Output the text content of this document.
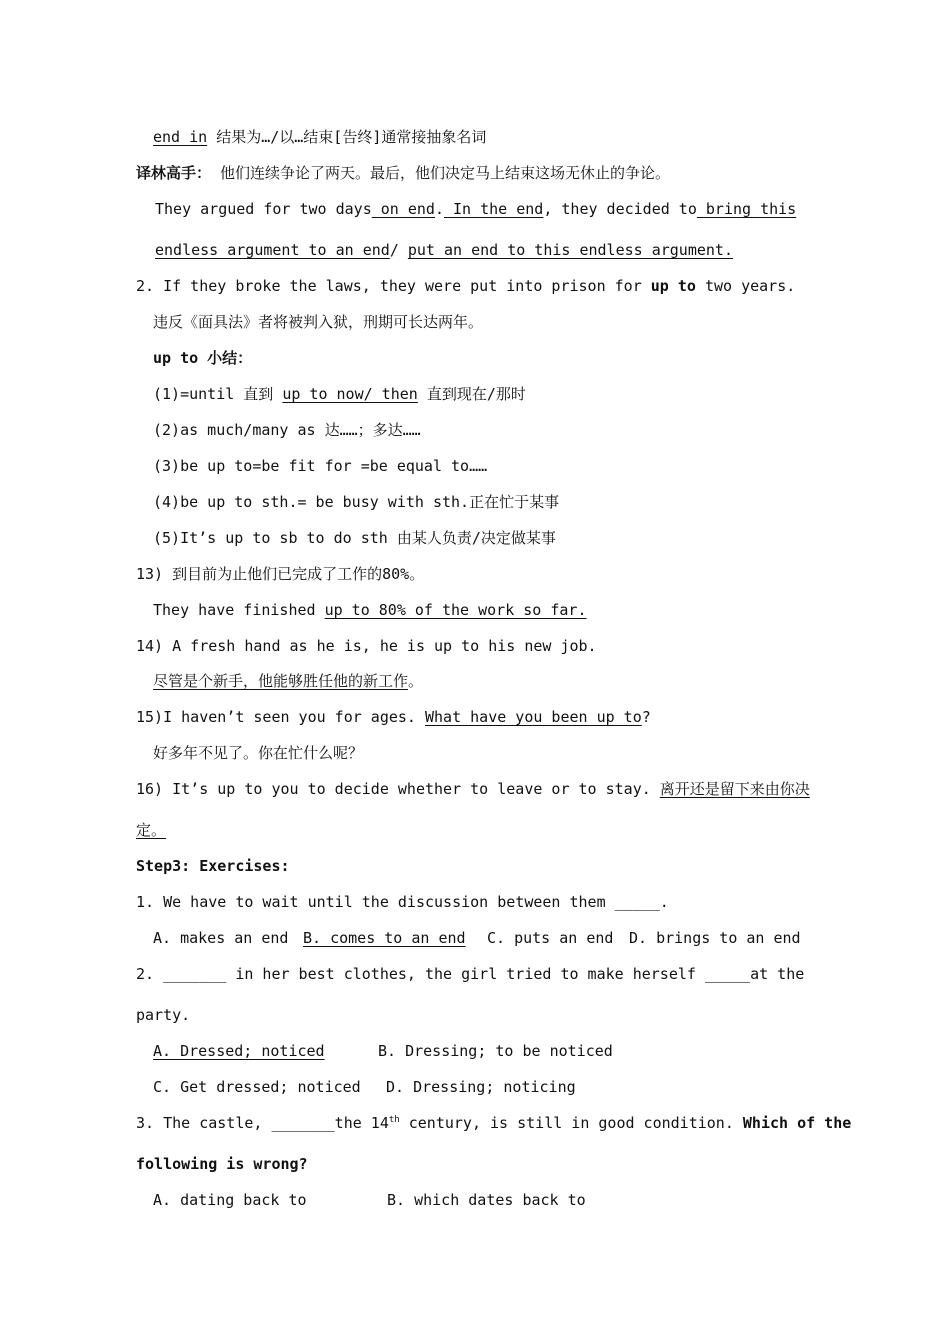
end in 结果为…/以…结束[告终]通常接抽象名词
译林高手： 他们连续争论了两天。最后，他们决定马上结束这场无休止的争论。
They argued for two days on end. In the end, they decided to bring this
endless argument to an end/ put an end to this endless argument.
2. If they broke the laws, they were put into prison for up to two years.
违反《面具法》者将被判入狱，刑期可长达两年。
up to 小结：
(1)=until 直到 up to now/ then 直到现在/那时
(2)as much/many as 达……；多达……
(3)be up to=be fit for =be equal to……
(4)be up to sth.= be busy with sth.正在忙于某事
(5)It’s up to sb to do sth 由某人负责/决定做某事
13) 到目前为止他们已完成了工作的80%。
They have finished up to 80% of the work so far.
14) A fresh hand as he is, he is up to his new job.
尽管是个新手，他能够胜任他的新工作。
15)I haven’t seen you for ages. What have you been up to?
好多年不见了。你在忙什么呢？
16) It’s up to you to decide whether to leave or to stay. 离开还是留下来由你决
定。
Step3: Exercises:
1. We have to wait until the discussion between them _____.
A. makes an end B. comes to an end C. puts an end D. brings to an end
2. _______ in her best clothes, the girl tried to make herself _____at the
party.
A. Dressed; noticed	B. Dressing; to be noticed
C. Get dressed; noticed D. Dressing; noticing
3. The castle, _______the 14th century, is still in good condition. Which of the
following is wrong?
A. dating back to	B. which dates back to
